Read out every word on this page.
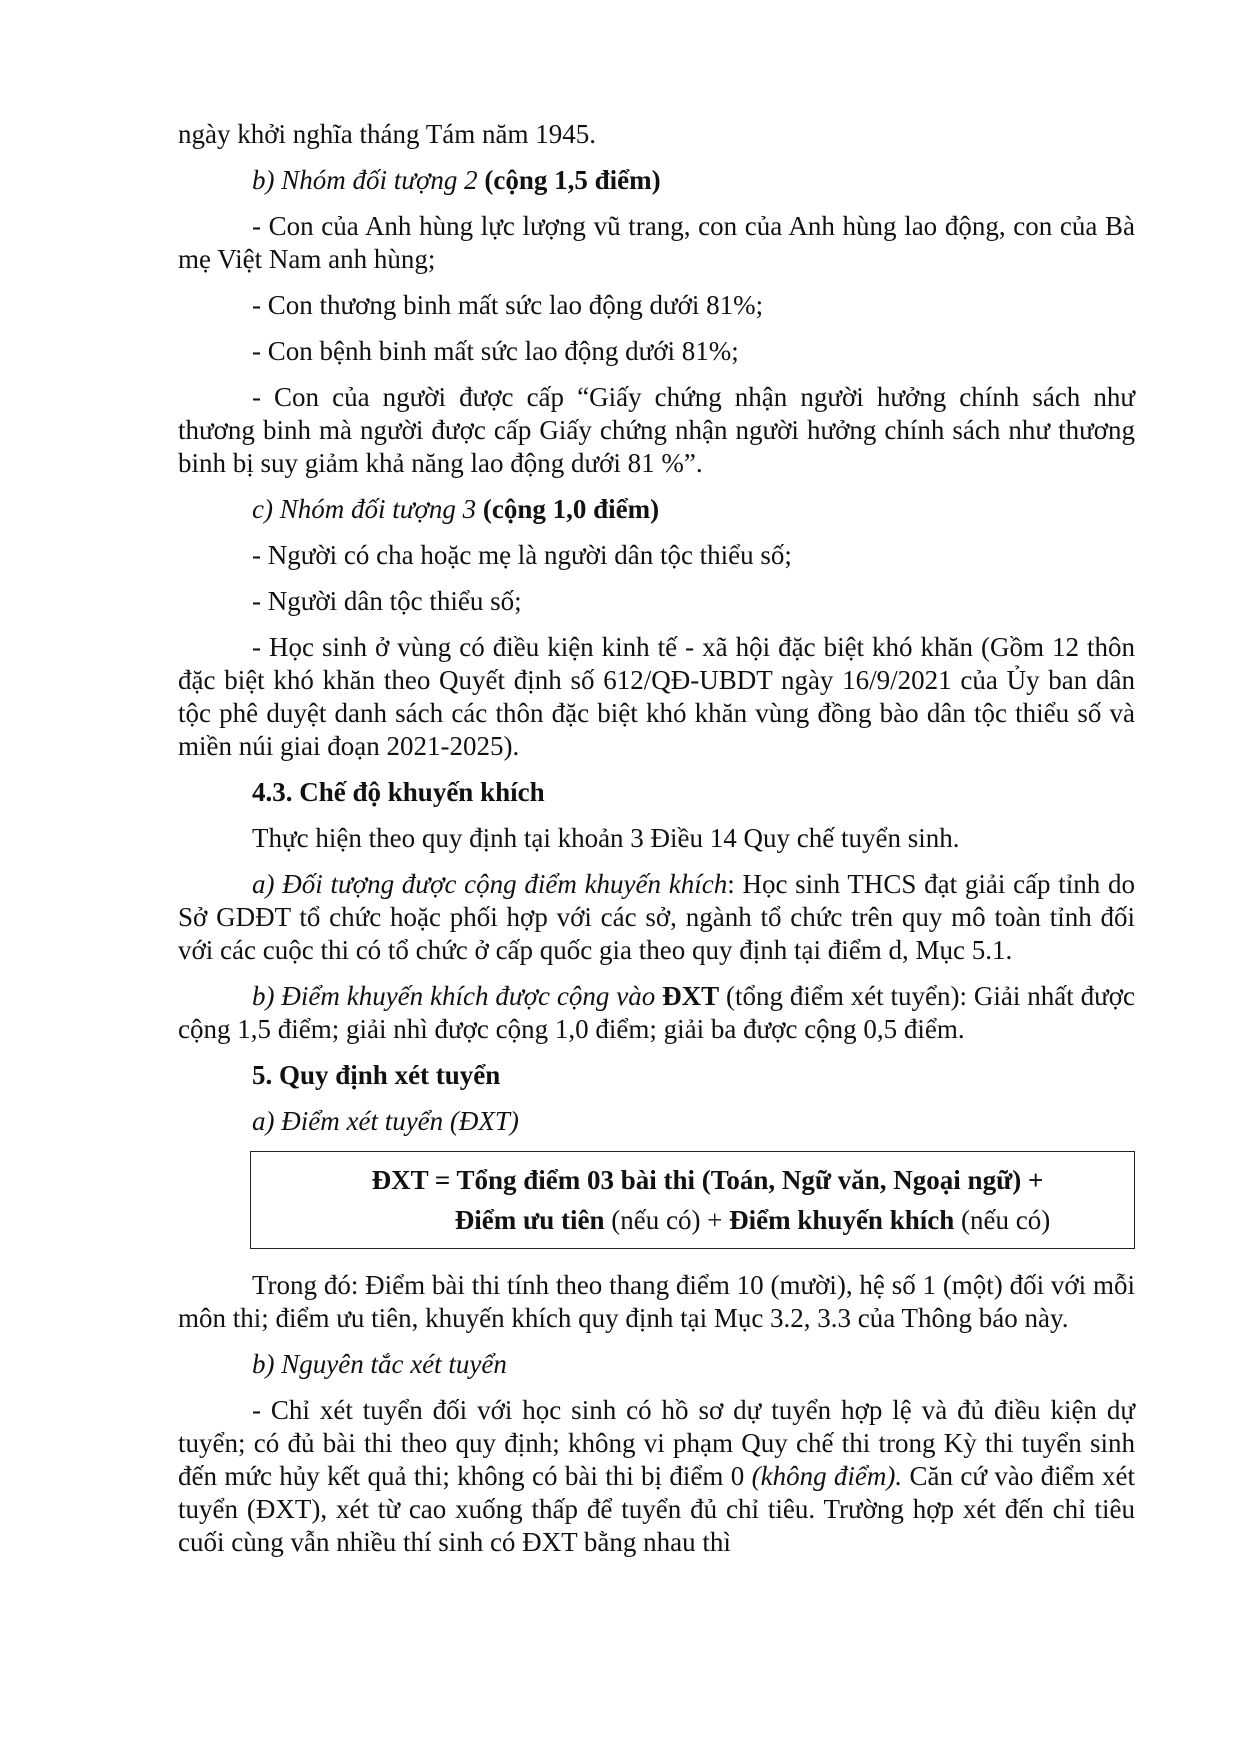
ngày khởi nghĩa tháng Tám năm 1945.

b) Nhóm đối tượng 2 (cộng 1,5 điểm)

- Con của Anh hùng lực lượng vũ trang, con của Anh hùng lao động, con của Bà mẹ Việt Nam anh hùng;

- Con thương binh mất sức lao động dưới 81%;

- Con bệnh binh mất sức lao động dưới 81%;

- Con của người được cấp “Giấy chứng nhận người hưởng chính sách như thương binh mà người được cấp Giấy chứng nhận người hưởng chính sách như thương binh bị suy giảm khả năng lao động dưới 81 %”.

c) Nhóm đối tượng 3 (cộng 1,0 điểm)

- Người có cha hoặc mẹ là người dân tộc thiểu số;

- Người dân tộc thiểu số;

- Học sinh ở vùng có điều kiện kinh tế - xã hội đặc biệt khó khăn (Gồm 12 thôn đặc biệt khó khăn theo Quyết định số 612/QĐ-UBDT ngày 16/9/2021 của Ủy ban dân tộc phê duyệt danh sách các thôn đặc biệt khó khăn vùng đồng bào dân tộc thiểu số và miền núi giai đoạn 2021-2025).

4.3. Chế độ khuyến khích

Thực hiện theo quy định tại khoản 3 Điều 14 Quy chế tuyển sinh.

a) Đối tượng được cộng điểm khuyến khích: Học sinh THCS đạt giải cấp tỉnh do Sở GDĐT tổ chức hoặc phối hợp với các sở, ngành tổ chức trên quy mô toàn tỉnh đối với các cuộc thi có tổ chức ở cấp quốc gia theo quy định tại điểm d, Mục 5.1.

b) Điểm khuyến khích được cộng vào ĐXT (tổng điểm xét tuyển): Giải nhất được cộng 1,5 điểm; giải nhì được cộng 1,0 điểm; giải ba được cộng 0,5 điểm.

5. Quy định xét tuyển

a) Điểm xét tuyển (ĐXT)

ĐXT = Tổng điểm 03 bài thi (Toán, Ngữ văn, Ngoại ngữ) +
Điểm ưu tiên (nếu có) + Điểm khuyến khích (nếu có)

Trong đó: Điểm bài thi tính theo thang điểm 10 (mười), hệ số 1 (một) đối với mỗi môn thi; điểm ưu tiên, khuyến khích quy định tại Mục 3.2, 3.3 của Thông báo này.

b) Nguyên tắc xét tuyển

- Chỉ xét tuyển đối với học sinh có hồ sơ dự tuyển hợp lệ và đủ điều kiện dự tuyển; có đủ bài thi theo quy định; không vi phạm Quy chế thi trong Kỳ thi tuyển sinh đến mức hủy kết quả thi; không có bài thi bị điểm 0 (không điểm). Căn cứ vào điểm xét tuyển (ĐXT), xét từ cao xuống thấp để tuyển đủ chỉ tiêu. Trường hợp xét đến chỉ tiêu cuối cùng vẫn nhiều thí sinh có ĐXT bằng nhau thì
